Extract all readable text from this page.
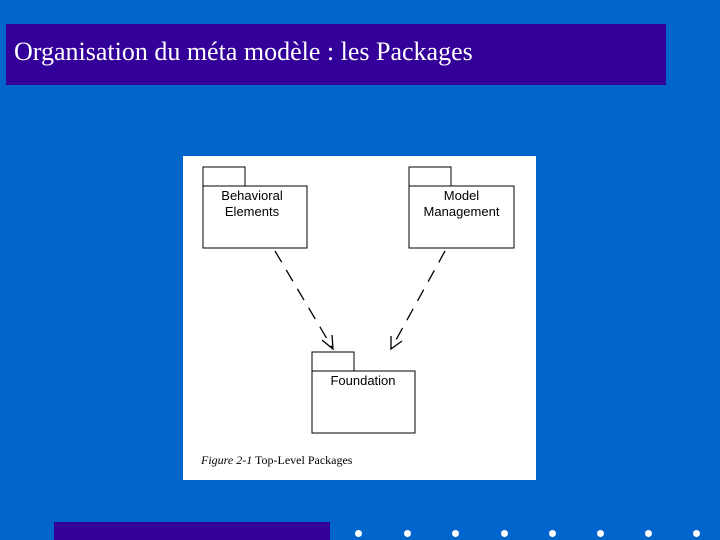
Organisation du méta modèle : les Packages
Behavioral
Elements
Model
Management
Foundation
Figure 2-1 Top-Level Packages
